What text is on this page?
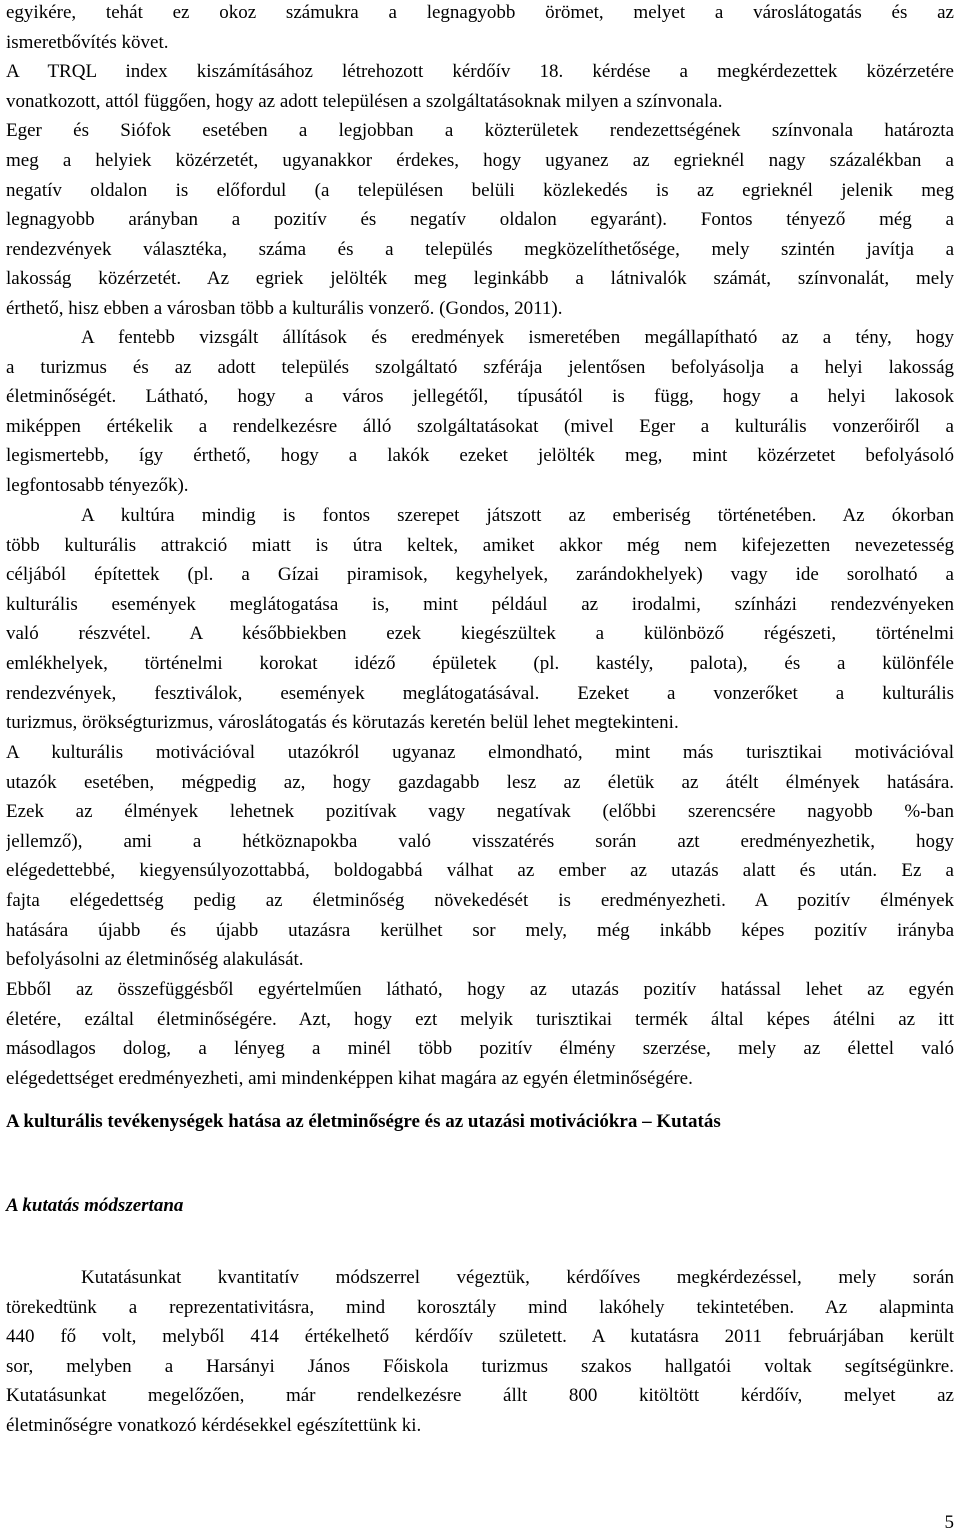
egyikére, tehát ez okoz számukra a legnagyobb örömet, melyet a városlátogatás és az
ismeretbővítés követ.
A TRQL index kiszámításához létrehozott kérdőív 18. kérdése a megkérdezettek közérzetére
vonatkozott, attól függően, hogy az adott településen a szolgáltatásoknak milyen a színvonala.
Eger és Siófok esetében a legjobban a közterületek rendezettségének színvonala határozta
meg a helyiek közérzetét, ugyanakkor érdekes, hogy ugyanez az egrieknél nagy százalékban a
negatív oldalon is előfordul (a településen belüli közlekedés is az egrieknél jelenik meg
legnagyobb arányban a pozitív és negatív oldalon egyaránt). Fontos tényező még a
rendezvények választéka, száma és a település megközelíthetősége, mely szintén javítja a
lakosság közérzetét. Az egriek jelölték meg leginkább a látnivalók számát, színvonalát, mely
érthető, hisz ebben a városban több a kulturális vonzerő. (Gondos, 2011).
A fentebb vizsgált állítások és eredmények ismeretében megállapítható az a tény, hogy
a turizmus és az adott település szolgáltató szférája jelentősen befolyásolja a helyi lakosság
életminőségét. Látható, hogy a város jellegétől, típusától is függ, hogy a helyi lakosok
miképpen értékelik a rendelkezésre álló szolgáltatásokat (mivel Eger a kulturális vonzerőiről a
legismertebb, így érthető, hogy a lakók ezeket jelölték meg, mint közérzetet befolyásoló
legfontosabb tényezők).
A kultúra mindig is fontos szerepet játszott az emberiség történetében. Az ókorban
több kulturális attrakció miatt is útra keltek, amiket akkor még nem kifejezetten nevezetesség
céljából építettek (pl. a Gízai piramisok, kegyhelyek, zarándokhelyek) vagy ide sorolható a
kulturális események meglátogatása is, mint például az irodalmi, színházi rendezvényeken
való részvétel. A későbbiekben ezek kiegészültek a különböző régészeti, történelmi
emlékhelyek, történelmi korokat idéző épületek (pl. kastély, palota), és a különféle
rendezvények, fesztiválok, események meglátogatásával. Ezeket a vonzerőket a kulturális
turizmus, örökségturizmus, városlátogatás és körutazás keretén belül lehet megtekinteni.
A kulturális motivációval utazókról ugyanaz elmondható, mint más turisztikai motivációval
utazók esetében, mégpedig az, hogy gazdagabb lesz az életük az átélt élmények hatására.
Ezek az élmények lehetnek pozitívak vagy negatívak (előbbi szerencsére nagyobb %-ban
jellemző), ami a hétköznapokba való visszatérés során azt eredményezhetik, hogy
elégedettebbé, kiegyensúlyozottabbá, boldogabbá válhat az ember az utazás alatt és után. Ez a
fajta elégedettség pedig az életminőség növekedését is eredményezheti. A pozitív élmények
hatására újabb és újabb utazásra kerülhet sor mely, még inkább képes pozitív irányba
befolyásolni az életminőség alakulását.
Ebből az összefüggésből egyértelműen látható, hogy az utazás pozitív hatással lehet az egyén
életére, ezáltal életminőségére. Azt, hogy ezt melyik turisztikai termék által képes átélni az itt
másodlagos dolog, a lényeg a minél több pozitív élmény szerzése, mely az élettel való
elégedettséget eredményezheti, ami mindenképpen kihat magára az egyén életminőségére.
Kutatásunkat kvantitatív módszerrel végeztük, kérdőíves megkérdezéssel, mely során
törekedtünk a reprezentativitásra, mind korosztály mind lakóhely tekintetében. Az alapminta
440 fő volt, melyből 414 értékelhető kérdőív született. A kutatásra 2011 februárjában került
sor, melyben a Harsányi János Főiskola turizmus szakos hallgatói voltak segítségünkre.
Kutatásunkat megelőzően, már rendelkezésre állt 800 kitöltött kérdőív, melyet az
életminőségre vonatkozó kérdésekkel egészítettünk ki.
A kulturális tevékenységek hatása az életminőségre és az utazási motivációkra – Kutatás
A kutatás módszertana
5
